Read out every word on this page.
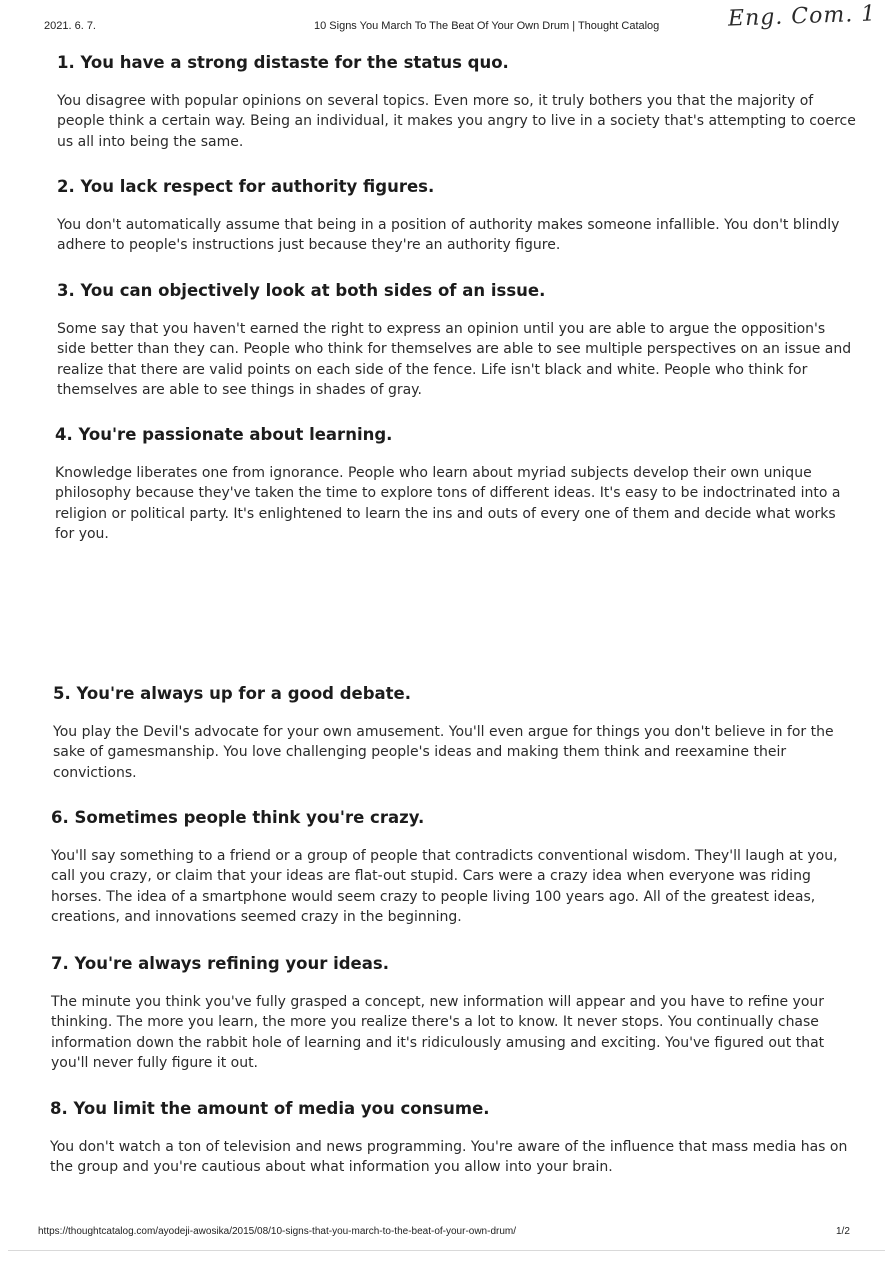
2021. 6. 7.	10 Signs You March To The Beat Of Your Own Drum | Thought Catalog	Eng. Com. 1
1. You have a strong distaste for the status quo.

You disagree with popular opinions on several topics. Even more so, it truly bothers you that the majority of people think a certain way. Being an individual, it makes you angry to live in a society that's attempting to coerce us all into being the same.

2. You lack respect for authority figures.

You don't automatically assume that being in a position of authority makes someone infallible. You don't blindly adhere to people's instructions just because they're an authority figure.

3. You can objectively look at both sides of an issue.

Some say that you haven't earned the right to express an opinion until you are able to argue the opposition's side better than they can. People who think for themselves are able to see multiple perspectives on an issue and realize that there are valid points on each side of the fence. Life isn't black and white. People who think for themselves are able to see things in shades of gray.

4. You're passionate about learning.

Knowledge liberates one from ignorance. People who learn about myriad subjects develop their own unique philosophy because they've taken the time to explore tons of different ideas. It's easy to be indoctrinated into a religion or political party. It's enlightened to learn the ins and outs of every one of them and decide what works for you.

5. You're always up for a good debate.

You play the Devil's advocate for your own amusement. You'll even argue for things you don't believe in for the sake of gamesmanship. You love challenging people's ideas and making them think and reexamine their convictions.

6. Sometimes people think you're crazy.

You'll say something to a friend or a group of people that contradicts conventional wisdom. They'll laugh at you, call you crazy, or claim that your ideas are flat-out stupid. Cars were a crazy idea when everyone was riding horses. The idea of a smartphone would seem crazy to people living 100 years ago. All of the greatest ideas, creations, and innovations seemed crazy in the beginning.

7. You're always refining your ideas.

The minute you think you've fully grasped a concept, new information will appear and you have to refine your thinking. The more you learn, the more you realize there's a lot to know. It never stops. You continually chase information down the rabbit hole of learning and it's ridiculously amusing and exciting. You've figured out that you'll never fully figure it out.

8. You limit the amount of media you consume.

You don't watch a ton of television and news programming. You're aware of the influence that mass media has on the group and you're cautious about what information you allow into your brain.

https://thoughtcatalog.com/ayodeji-awosika/2015/08/10-signs-that-you-march-to-the-beat-of-your-own-drum/	1/2
